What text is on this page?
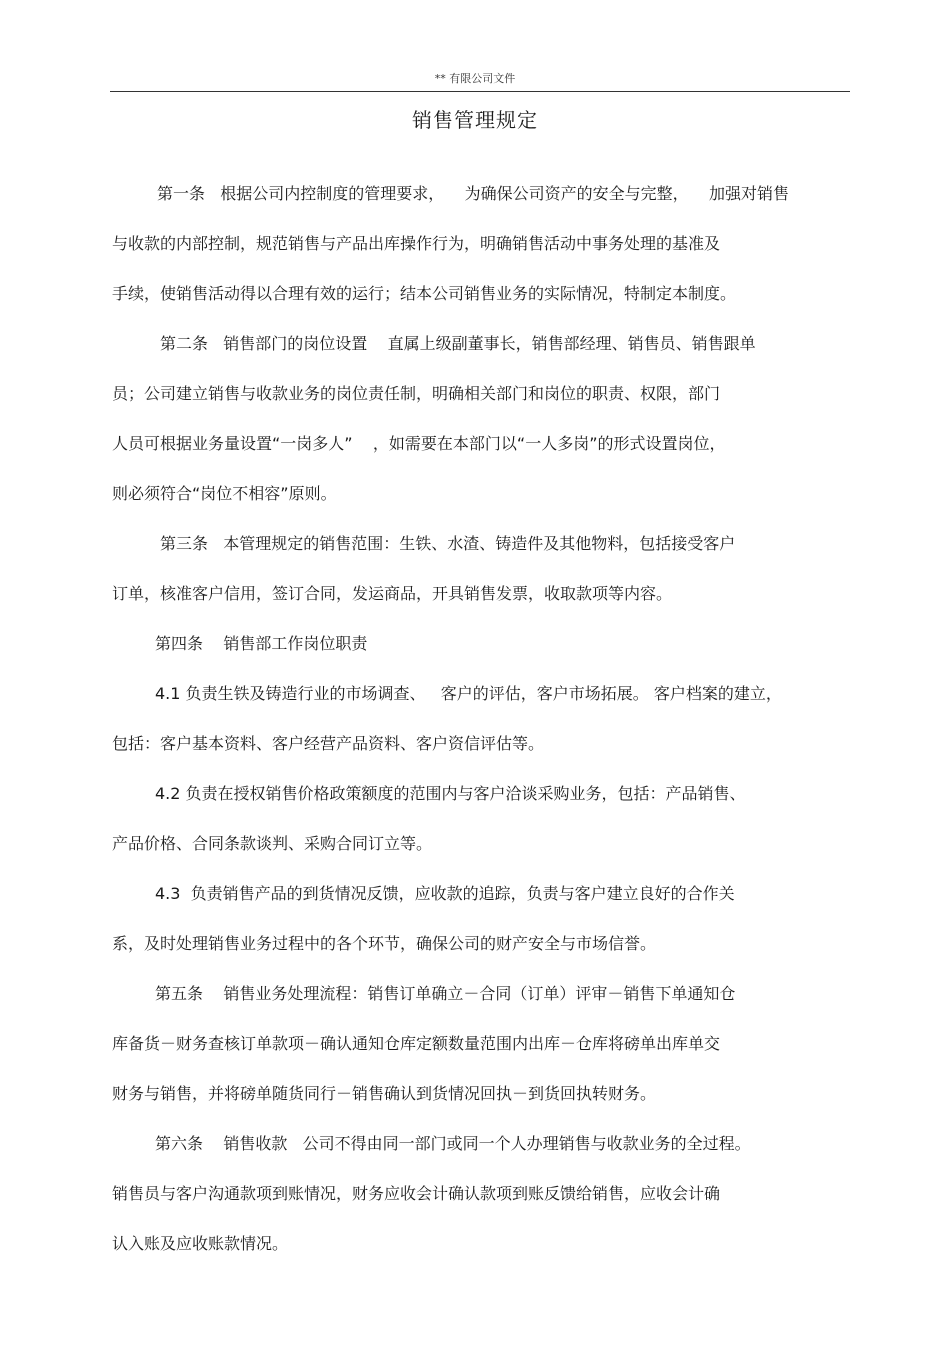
** 有限公司文件
销售管理规定
第一条   根据公司内控制度的管理要求，    为确保公司资产的安全与完整，    加强对销售
与收款的内部控制，规范销售与产品出库操作行为，明确销售活动中事务处理的基准及
手续，使销售活动得以合理有效的运行；结本公司销售业务的实际情况，特制定本制度。
第二条   销售部门的岗位设置    直属上级副董事长，销售部经理、销售员、销售跟单
员；公司建立销售与收款业务的岗位责任制，明确相关部门和岗位的职责、权限，部门
人员可根据业务量设置“一岗多人”    ，如需要在本部门以“一人多岗”的形式设置岗位，
则必须符合“岗位不相容”原则。
第三条   本管理规定的销售范围：生铁、水渣、铸造件及其他物料，包括接受客户
订单，核准客户信用，签订合同，发运商品，开具销售发票，收取款项等内容。
第四条    销售部工作岗位职责
4.1 负责生铁及铸造行业的市场调查、   客户的评估，客户市场拓展。 客户档案的建立，
包括：客户基本资料、客户经营产品资料、客户资信评估等。
4.2 负责在授权销售价格政策额度的范围内与客户洽谈采购业务，包括：产品销售、
产品价格、合同条款谈判、采购合同订立等。
4.3  负责销售产品的到货情况反馈，应收款的追踪，负责与客户建立良好的合作关
系，及时处理销售业务过程中的各个环节，确保公司的财产安全与市场信誉。
第五条    销售业务处理流程：销售订单确立－合同（订单）评审－销售下单通知仓
库备货－财务查核订单款项－确认通知仓库定额数量范围内出库－仓库将磅单出库单交
财务与销售，并将磅单随货同行－销售确认到货情况回执－到货回执转财务。
第六条    销售收款   公司不得由同一部门或同一个人办理销售与收款业务的全过程。
销售员与客户沟通款项到账情况，财务应收会计确认款项到账反馈给销售，应收会计确
认入账及应收账款情况。
